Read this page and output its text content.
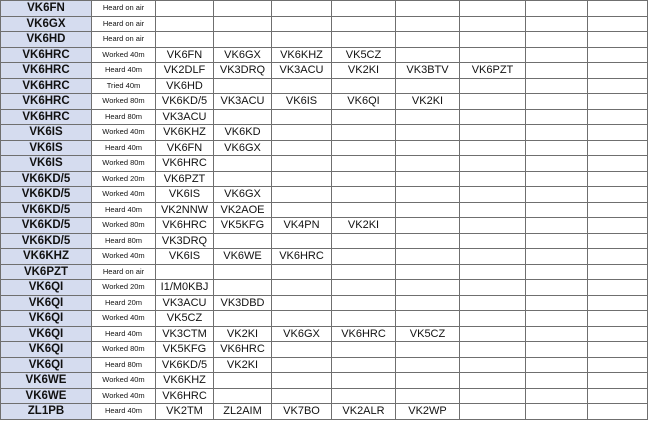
VK6FN	Heard on air								
VK6GX	Heard on air								
VK6HD	Heard on air								
VK6HRC	Worked 40m	VK6FN	VK6GX	VK6KHZ	VK5CZ				
VK6HRC	Heard 40m	VK2DLF	VK3DRQ	VK3ACU	VK2KI	VK3BTV	VK6PZT		
VK6HRC	Tried 40m	VK6HD							
VK6HRC	Worked 80m	VK6KD/5	VK3ACU	VK6IS	VK6QI	VK2KI			
VK6HRC	Heard 80m	VK3ACU							
VK6IS	Worked 40m	VK6KHZ	VK6KD						
VK6IS	Heard 40m	VK6FN	VK6GX						
VK6IS	Worked 80m	VK6HRC							
VK6KD/5	Worked 20m	VK6PZT							
VK6KD/5	Worked 40m	VK6IS	VK6GX						
VK6KD/5	Heard 40m	VK2NNW	VK2AOE						
VK6KD/5	Worked 80m	VK6HRC	VK5KFG	VK4PN	VK2KI				
VK6KD/5	Heard 80m	VK3DRQ							
VK6KHZ	Worked 40m	VK6IS	VK6WE	VK6HRC					
VK6PZT	Heard on air								
VK6QI	Worked 20m	I1/M0KBJ							
VK6QI	Heard 20m	VK3ACU	VK3DBD						
VK6QI	Worked 40m	VK5CZ							
VK6QI	Heard 40m	VK3CTM	VK2KI	VK6GX	VK6HRC	VK5CZ			
VK6QI	Worked 80m	VK5KFG	VK6HRC						
VK6QI	Heard 80m	VK6KD/5	VK2KI						
VK6WE	Worked 40m	VK6KHZ							
VK6WE	Worked 40m	VK6HRC							
ZL1PB	Heard 40m	VK2TM	ZL2AIM	VK7BO	VK2ALR	VK2WP			
